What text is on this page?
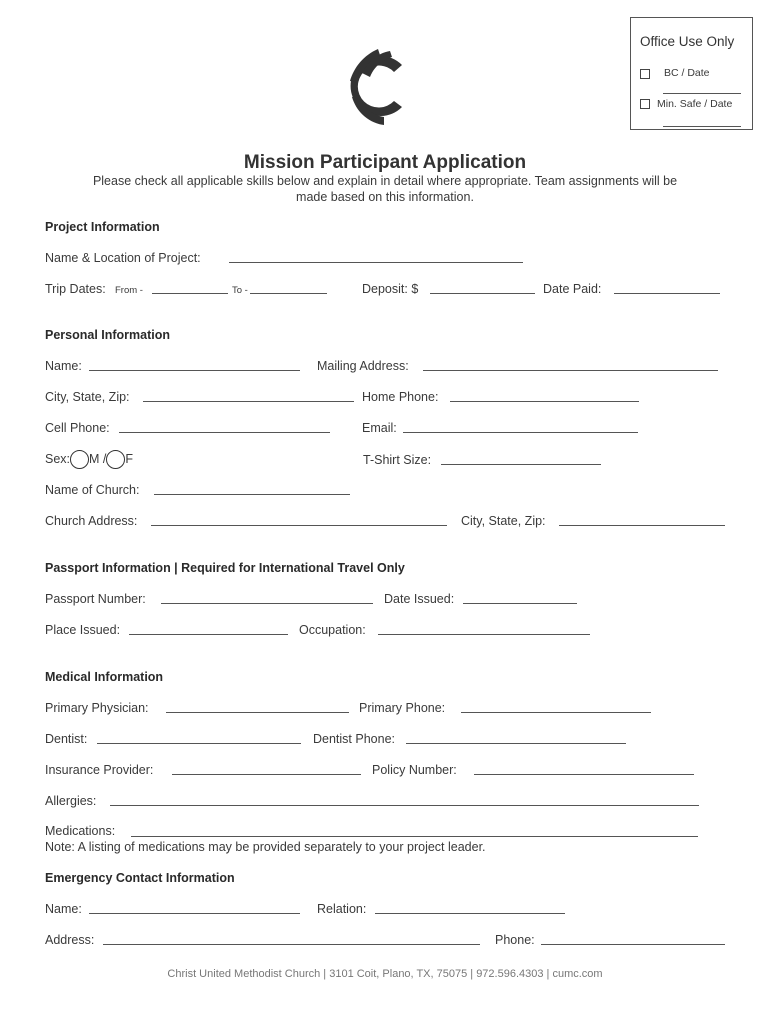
Office Use Only
BC / Date
Min. Safe / Date
Mission Participant Application
Please check all applicable skills below and explain in detail where appropriate. Team assignments will be
made based on this information.
Project Information
Name & Location of Project:
Trip Dates: From -	To -	Deposit: $	Date Paid:
Personal Information
Name:	Mailing Address:
City, State, Zip:	Home Phone:
Cell Phone:	Email:
Sex: M / F	T-Shirt Size:
Name of Church:
Church Address:	City, State, Zip:
Passport Information | Required for International Travel Only
Passport Number:	Date Issued:
Place Issued:	Occupation:
Medical Information
Primary Physician:	Primary Phone:
Dentist:	Dentist Phone:
Insurance Provider:	Policy Number:
Allergies:
Medications:
Note: A listing of medications may be provided separately to your project leader.
Emergency Contact Information
Name:	Relation:
Address:	Phone:
Christ United Methodist Church | 3101 Coit, Plano, TX, 75075 | 972.596.4303 | cumc.com
